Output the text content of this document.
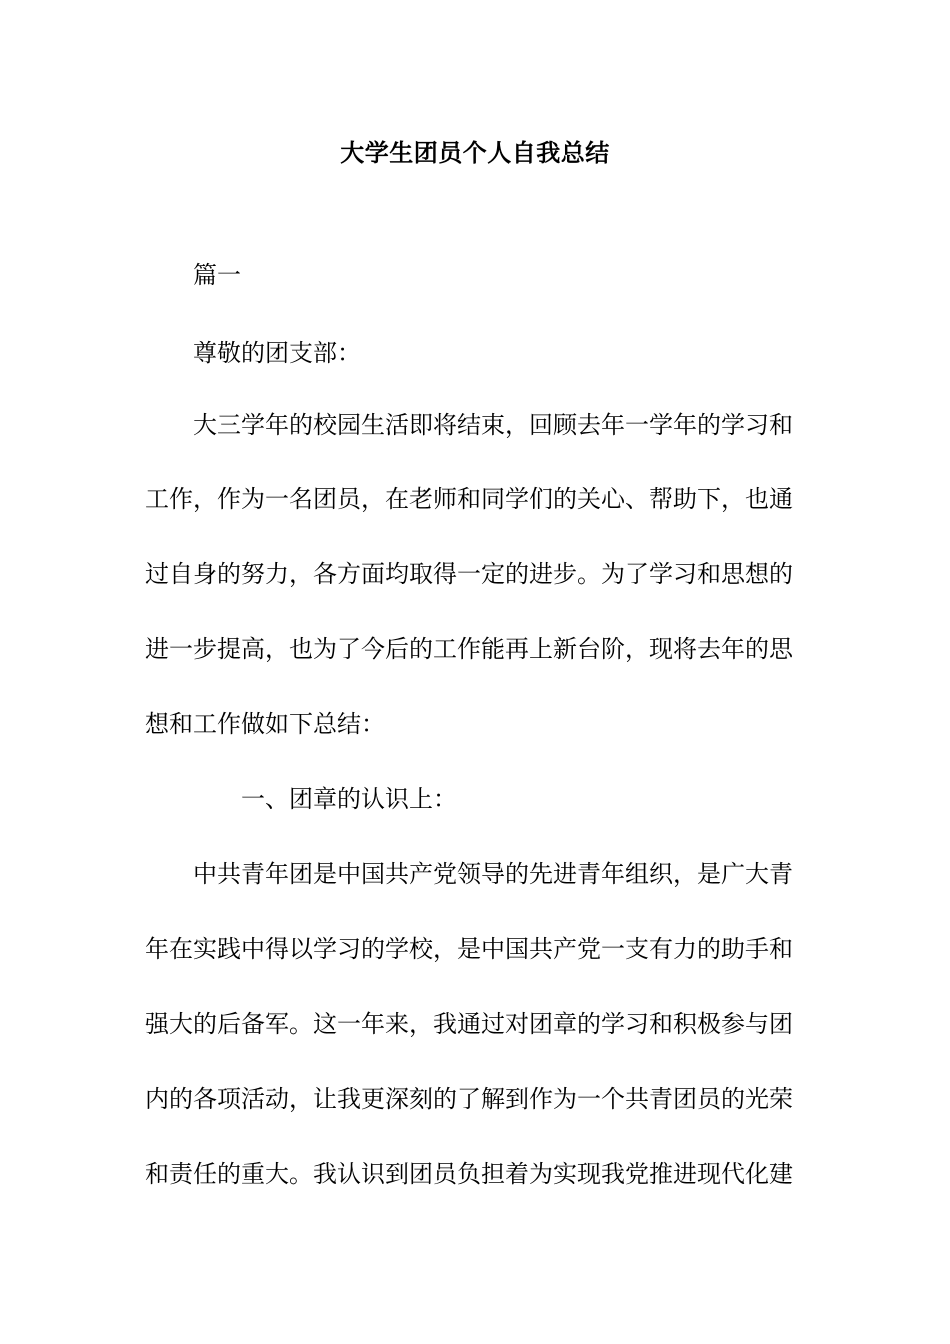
大学生团员个人自我总结
篇一
尊敬的团支部：
大三学年的校园生活即将结束，回顾去年一学年的学习和
工作，作为一名团员，在老师和同学们的关心、帮助下，也通
过自身的努力，各方面均取得一定的进步。为了学习和思想的
进一步提高，也为了今后的工作能再上新台阶，现将去年的思
想和工作做如下总结：
一、团章的认识上：
中共青年团是中国共产党领导的先进青年组织，是广大青
年在实践中得以学习的学校，是中国共产党一支有力的助手和
强大的后备军。这一年来，我通过对团章的学习和积极参与团
内的各项活动，让我更深刻的了解到作为一个共青团员的光荣
和责任的重大。我认识到团员负担着为实现我党推进现代化建
